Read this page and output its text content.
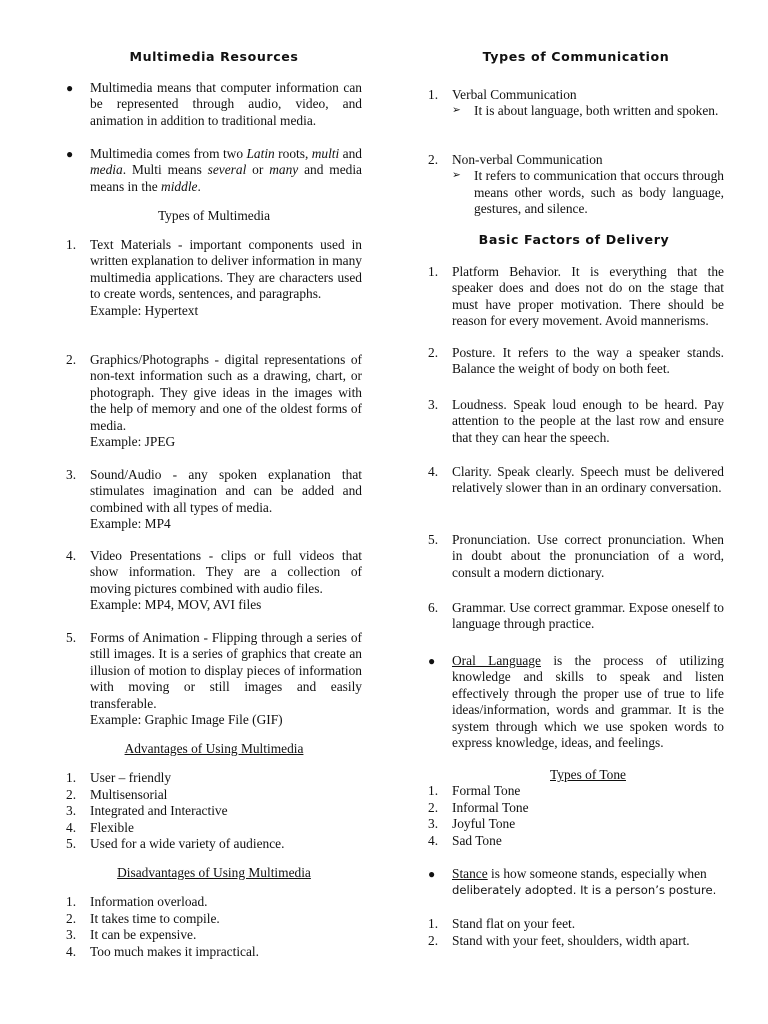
Multimedia Resources
● Multimedia means that computer information can be represented through audio, video, and animation in addition to traditional media.
● Multimedia comes from two Latin roots, multi and media. Multi means several or many and media means in the middle.
Types of Multimedia
1.	Text Materials - important components used in written explanation to deliver information in many multimedia applications. They are characters used to create words, sentences, and paragraphs.
Example: Hypertext
2.	Graphics/Photographs - digital representations of non-text information such as a drawing, chart, or photograph. They give ideas in the images with the help of memory and one of the oldest forms of media.
Example: JPEG
3.	Sound/Audio - any spoken explanation that stimulates imagination and can be added and combined with all types of media.
Example: MP4
4.	Video Presentations - clips or full videos that show information. They are a collection of moving pictures combined with audio files.
Example: MP4, MOV, AVI files
5.	Forms of Animation - Flipping through a series of still images. It is a series of graphics that create an illusion of motion to display pieces of information with moving or still images and easily transferable.
Example: Graphic Image File (GIF)
Advantages of Using Multimedia
1.	User – friendly
2.	Multisensorial
3.	Integrated and Interactive
4.	Flexible
5.	Used for a wide variety of audience.
Disadvantages of Using Multimedia
1.	Information overload.
2.	It takes time to compile.
3.	It can be expensive.
4.	Too much makes it impractical.
Types of Communication
1.	Verbal Communication
➢ It is about language, both written and spoken.
2.	Non-verbal Communication
➢ It refers to communication that occurs through means other words, such as body language, gestures, and silence.
Basic Factors of Delivery
1.	Platform Behavior. It is everything that the speaker does and does not do on the stage that must have proper motivation. There should be reason for every movement. Avoid mannerisms.
2.	Posture. It refers to the way a speaker stands. Balance the weight of body on both feet.
3.	Loudness. Speak loud enough to be heard. Pay attention to the people at the last row and ensure that they can hear the speech.
4.	Clarity. Speak clearly. Speech must be delivered relatively slower than in an ordinary conversation.
5.	Pronunciation. Use correct pronunciation. When in doubt about the pronunciation of a word, consult a modern dictionary.
6.	Grammar. Use correct grammar. Expose oneself to language through practice.
● Oral Language is the process of utilizing knowledge and skills to speak and listen effectively through the proper use of true to life ideas/information, words and grammar. It is the system through which we use spoken words to express knowledge, ideas, and feelings.
Types of Tone
1.	Formal Tone
2.	Informal Tone
3.	Joyful Tone
4.	Sad Tone
● Stance is how someone stands, especially when
deliberately adopted. It is a person’s posture.
1.	Stand flat on your feet.
2.	Stand with your feet, shoulders, width apart.
